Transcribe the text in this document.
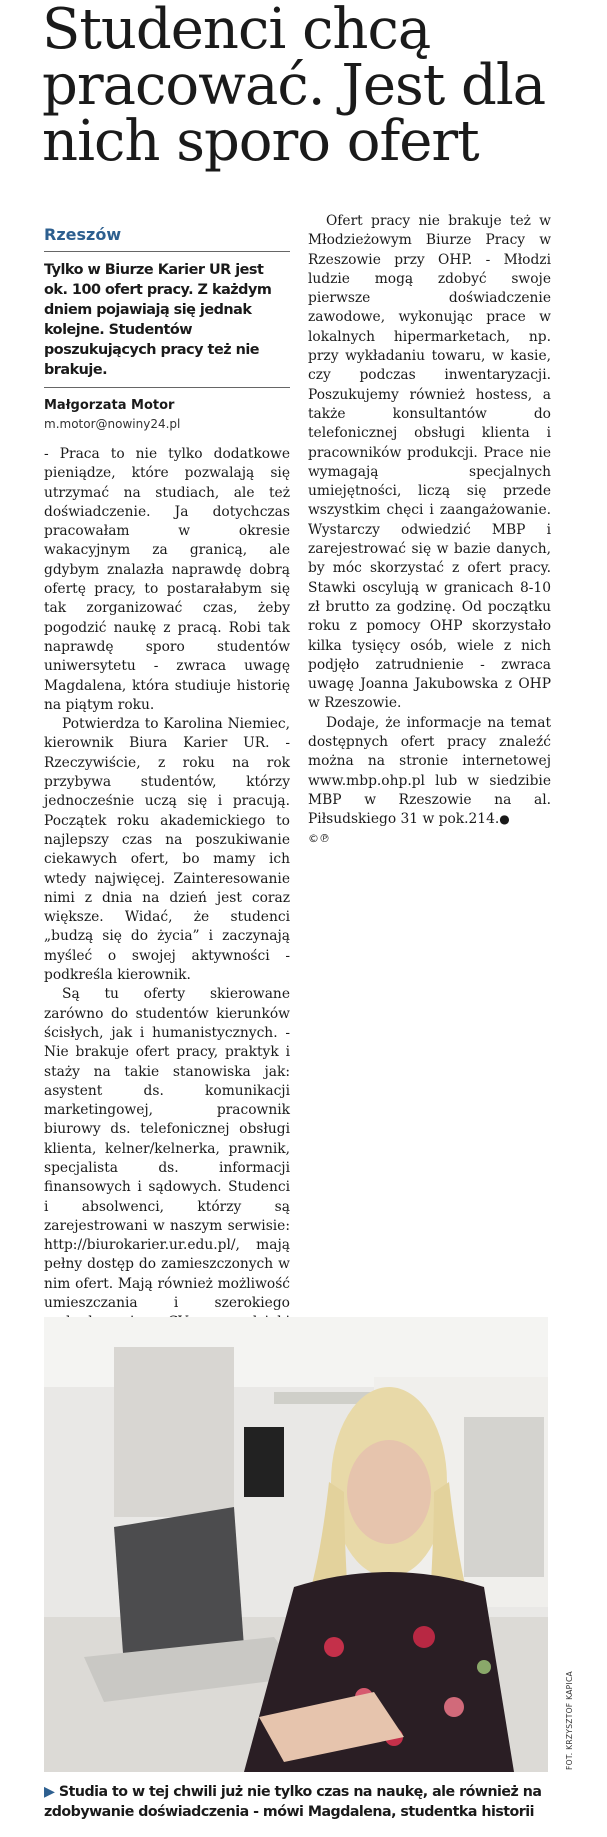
Studenci chcą pracować. Jest dla nich sporo ofert
Rzeszów
Tylko w Biurze Karier UR jest ok. 100 ofert pracy. Z każdym dniem pojawiają się jednak kolejne. Studentów poszukujących pracy też nie brakuje.
Małgorzata Motor
m.motor@nowiny24.pl

- Praca to nie tylko dodatkowe pieniądze, które pozwalają się utrzymać na studiach, ale też doświadczenie. Ja dotychczas pracowałam w okresie wakacyjnym za granicą, ale gdybym znalazła naprawdę dobrą ofertę pracy, to postarałabym się tak zorganizować czas, żeby pogodzić naukę z pracą. Robi tak naprawdę sporo studentów uniwersytetu - zwraca uwagę Magdalena, która studiuje historię na piątym roku.

Potwierdza to Karolina Niemiec, kierownik Biura Karier UR. - Rzeczywiście, z roku na rok przybywa studentów, którzy jednocześnie uczą się i pracują. Początek roku akademickiego to najlepszy czas na poszukiwanie ciekawych ofert, bo mamy ich wtedy najwięcej. Zainteresowanie nimi z dnia na dzień jest coraz większe. Widać, że studenci „budzą się do życia” i zaczynają myśleć o swojej aktywności - podkreśla kierownik.

Są tu oferty skierowane zarówno do studentów kierunków ścisłych, jak i humanistycznych. - Nie brakuje ofert pracy, praktyk i staży na takie stanowiska jak: asystent ds. komunikacji marketingowej, pracownik biurowy ds. telefonicznej obsługi klienta, kelner/kelnerka, prawnik, specjalista ds. informacji finansowych i sądowych. Studenci i absolwenci, którzy są zarejestrowani w naszym serwisie: http://biurokarier.ur.edu.pl/, mają pełny dostęp do zamieszczonych w nim ofert. Mają również możliwość umieszczania i szerokiego

Ofert pracy nie brakuje też w Młodzieżowym Biurze Pracy w Rzeszowie przy OHP. - Młodzi ludzie mogą zdobyć swoje pierwsze doświadczenie zawodowe, wykonując prace w lokalnych hipermarketach, np. przy wykładaniu towaru, w kasie, czy podczas inwentaryzacji. Poszukujemy również hostess, a także konsultantów do telefonicznej obsługi klienta i pracowników produkcji. Prace nie wymagają specjalnych umiejętności, liczą się przede wszystkim chęci i zaangażowanie. Wystarczy odwiedzić MBP i zarejestrować się w bazie danych, by móc skorzystać z ofert pracy. Stawki oscylują w granicach 8-10 zł brutto za godzinę. Od początku roku z pomocy OHP skorzystało kilka tysięcy osób, wiele z nich podjęło zatrudnienie - zwraca uwagę Joanna Jakubowska z OHP w Rzeszowie.

Dodaje, że informacje na temat dostępnych ofert pracy znaleźć można na stronie internetowej www.mbp.ohp.pl lub w siedzibie MBP w Rzeszowie na al. Piłsudskiego 31 w pok.214.●

©℗
FOT. KRZYSZTOF KAPICA
▶ Studia to w tej chwili już nie tylko czas na naukę, ale również na zdobywanie doświadczenia - mówi Magdalena, studentka historii
